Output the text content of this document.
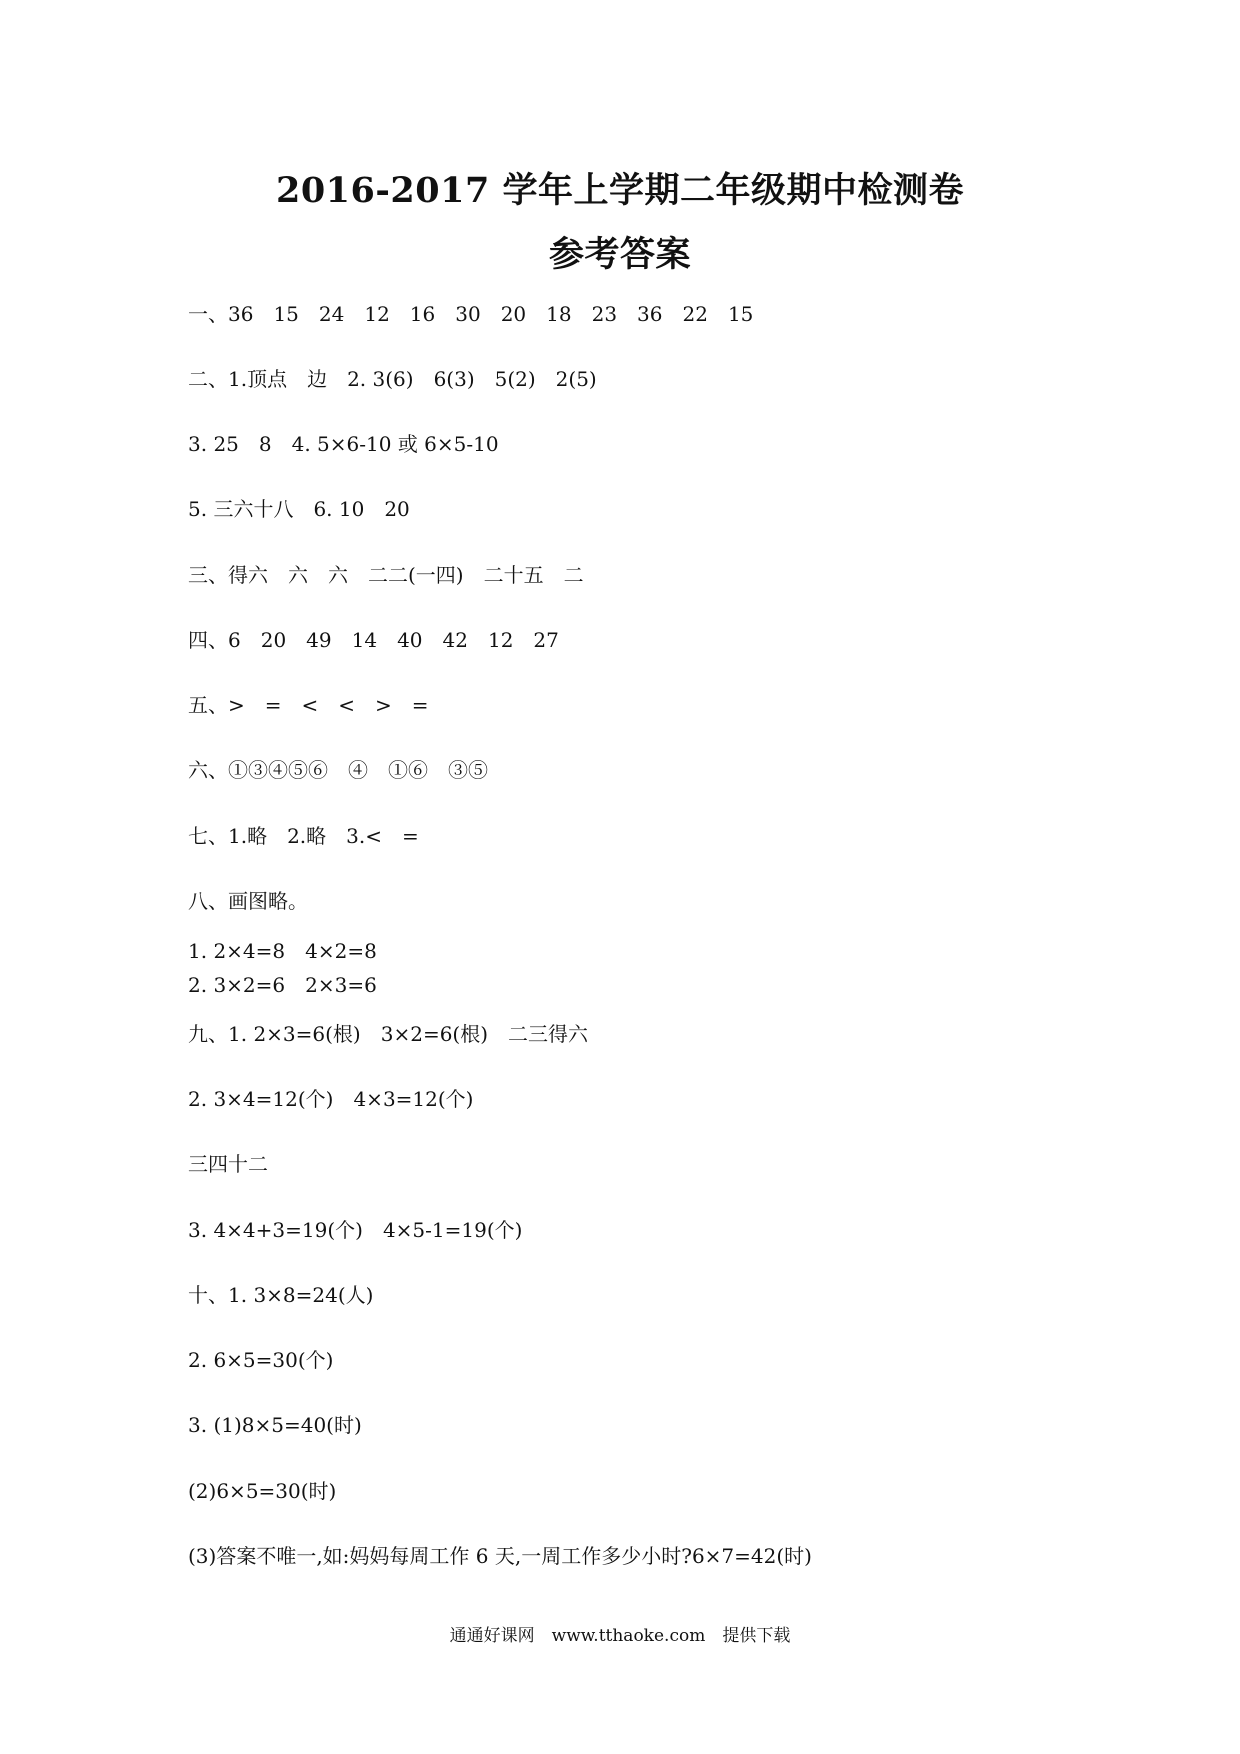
2016-2017 学年上学期二年级期中检测卷
参考答案
一、36　15　24　12　16　30　20　18　23　36　22　15
二、1.顶点　边　2. 3(6)　6(3)　5(2)　2(5)
3. 25　8　4. 5×6-10 或 6×5-10
5. 三六十八　6. 10　20
三、得六　六　六　二二(一四)　二十五　二
四、6　20　49　14　40　42　12　27
五、>　=　<　<　>　=
六、①③④⑤⑥　④　①⑥　③⑤
七、1.略　2.略　3.<　=
八、画图略。
1. 2×4=8　4×2=8
2. 3×2=6　2×3=6
九、1. 2×3=6(根)　3×2=6(根)　二三得六
2. 3×4=12(个)　4×3=12(个)
三四十二
3. 4×4+3=19(个)　4×5-1=19(个)
十、1. 3×8=24(人)
2. 6×5=30(个)
3. (1)8×5=40(时)
(2)6×5=30(时)
(3)答案不唯一,如:妈妈每周工作 6 天,一周工作多少小时?6×7=42(时)
通通好课网　www.tthaoke.com　提供下载
